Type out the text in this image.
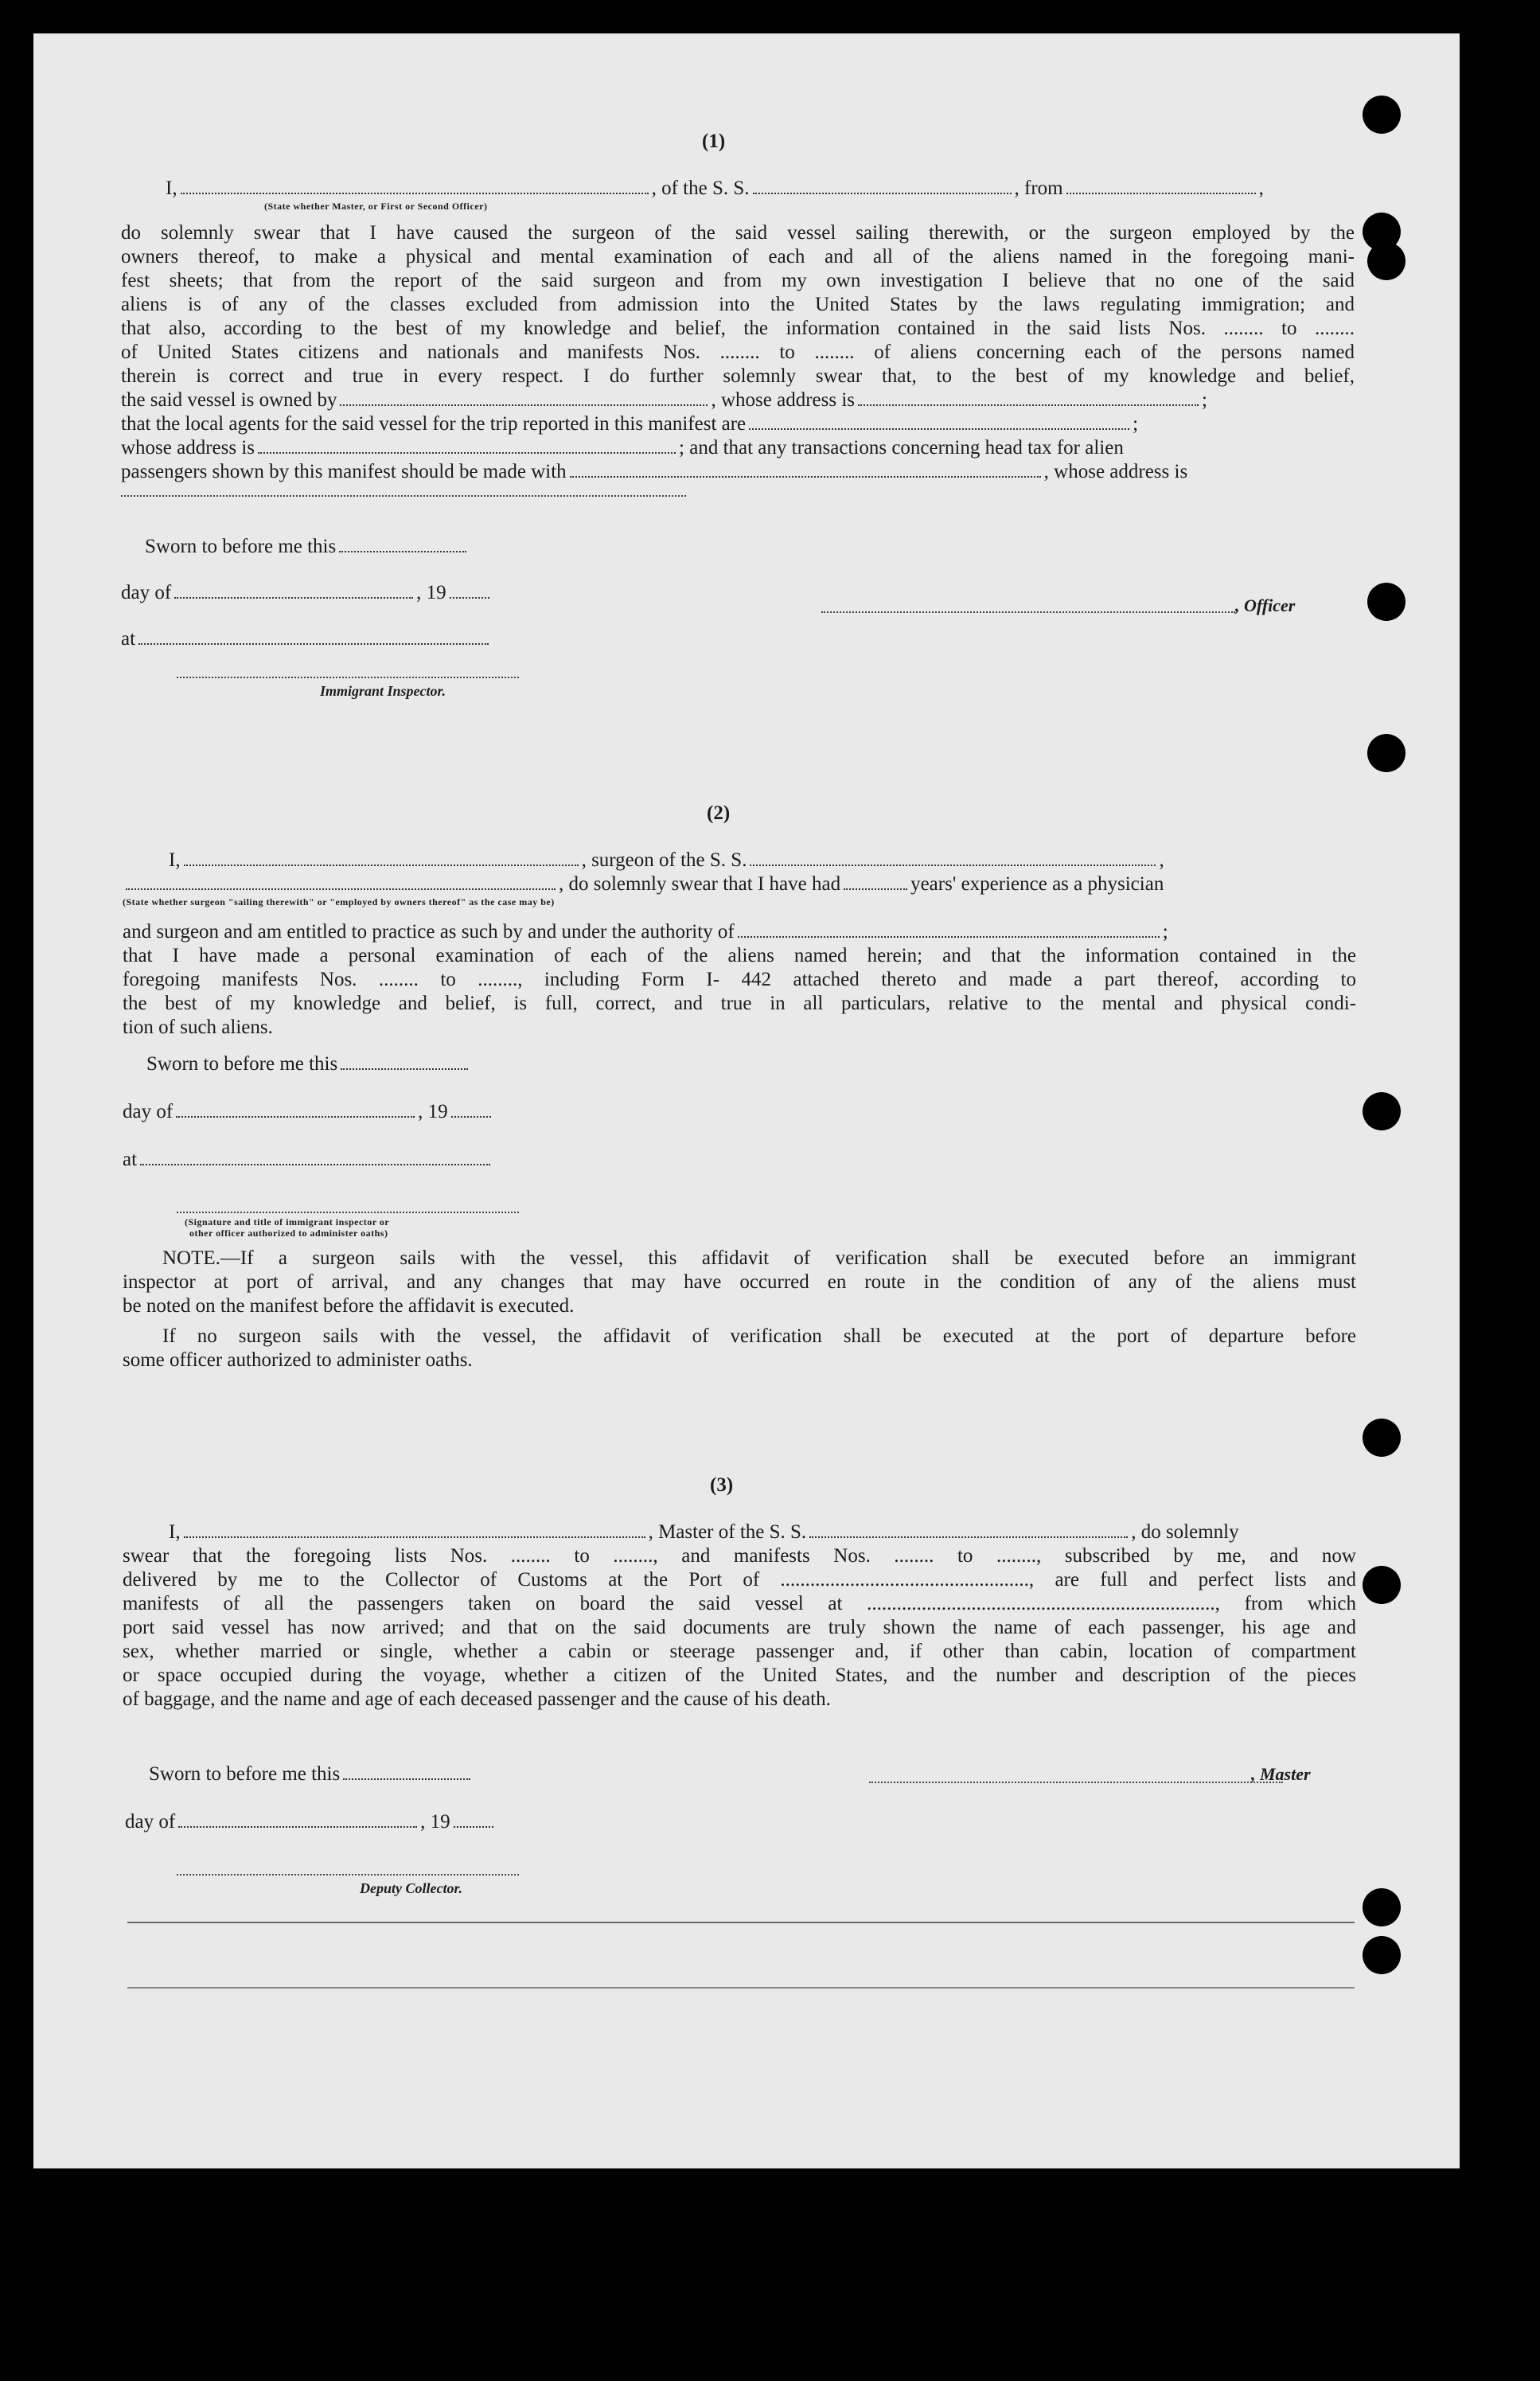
(1)
I,	, of the S. S.	, from	,
(State whether Master, or First or Second Officer)
do solemnly swear that I have caused the surgeon of the said vessel sailing therewith, or the surgeon employed by the
owners thereof, to make a physical and mental examination of each and all of the aliens named in the foregoing mani-
fest sheets; that from the report of the said surgeon and from my own investigation I believe that no one of the said
aliens is of any of the classes excluded from admission into the United States by the laws regulating immigration; and
that also, according to the best of my knowledge and belief, the information contained in the said lists Nos. ........ to ........
of United States citizens and nationals and manifests Nos. ........ to ........ of aliens concerning each of the persons named
therein is correct and true in every respect. I do further solemnly swear that, to the best of my knowledge and belief,
the said vessel is owned by	, whose address is	;
that the local agents for the said vessel for the trip reported in this manifest are	;
whose address is	; and that any transactions concerning head tax for alien
passengers shown by this manifest should be made with	, whose address is
Sworn to before me this
day of	, 19
at
, Officer
Immigrant Inspector.
(2)
I,	, surgeon of the S. S.	,
, do solemnly swear that I have had	years' experience as a physician
(State whether surgeon "sailing therewith" or "employed by owners thereof" as the case may be)
and surgeon and am entitled to practice as such by and under the authority of	;
that I have made a personal examination of each of the aliens named herein; and that the information contained in the
foregoing manifests Nos. ........ to ........, including Form I- 442 attached thereto and made a part thereof, according to
the best of my knowledge and belief, is full, correct, and true in all particulars, relative to the mental and physical condi-
tion of such aliens.
Sworn to before me this
day of	, 19
at
(Signature and title of immigrant inspector or
other officer authorized to administer oaths)
NOTE.—If a surgeon sails with the vessel, this affidavit of verification shall be executed before an immigrant
inspector at port of arrival, and any changes that may have occurred en route in the condition of any of the aliens must
be noted on the manifest before the affidavit is executed.
If no surgeon sails with the vessel, the affidavit of verification shall be executed at the port of departure before
some officer authorized to administer oaths.
(3)
I,	, Master of the S. S.	, do solemnly
swear that the foregoing lists Nos. ........ to ........, and manifests Nos. ........ to ........, subscribed by me, and now
delivered by me to the Collector of Customs at the Port of .................................................., are full and perfect lists and
manifests of all the passengers taken on board the said vessel at ......................................................................, from which
port said vessel has now arrived; and that on the said documents are truly shown the name of each passenger, his age and
sex, whether married or single, whether a cabin or steerage passenger and, if other than cabin, location of compartment
or space occupied during the voyage, whether a citizen of the United States, and the number and description of the pieces
of baggage, and the name and age of each deceased passenger and the cause of his death.
Sworn to before me this	, Master
day of	, 19
Deputy Collector.
